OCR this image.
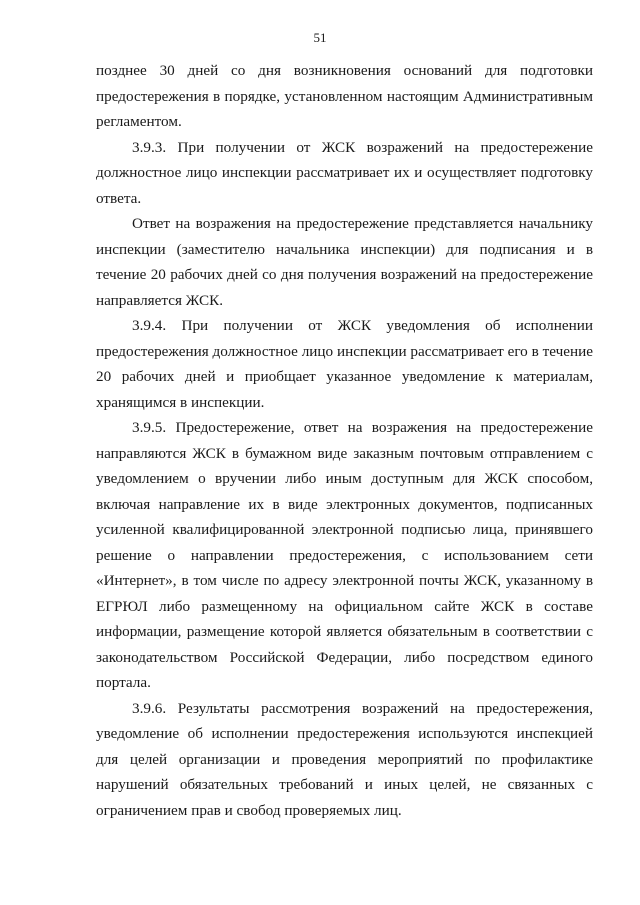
51

позднее 30 дней со дня возникновения оснований для подготовки предостережения в порядке, установленном настоящим Административным регламентом.

3.9.3. При получении от ЖСК возражений на предостережение должностное лицо инспекции рассматривает их и осуществляет подготовку ответа.

Ответ на возражения на предостережение представляется начальнику инспекции (заместителю начальника инспекции) для подписания и в течение 20 рабочих дней со дня получения возражений на предостережение направляется ЖСК.

3.9.4. При получении от ЖСК уведомления об исполнении предостережения должностное лицо инспекции рассматривает его в течение 20 рабочих дней и приобщает указанное уведомление к материалам, хранящимся в инспекции.

3.9.5. Предостережение, ответ на возражения на предостережение направляются ЖСК в бумажном виде заказным почтовым отправлением с уведомлением о вручении либо иным доступным для ЖСК способом, включая направление их в виде электронных документов, подписанных усиленной квалифицированной электронной подписью лица, принявшего решение о направлении предостережения, с использованием сети «Интернет», в том числе по адресу электронной почты ЖСК, указанному в ЕГРЮЛ либо размещенному на официальном сайте ЖСК в составе информации, размещение которой является обязательным в соответствии с законодательством Российской Федерации, либо посредством единого портала.

3.9.6. Результаты рассмотрения возражений на предостережения, уведомление об исполнении предостережения используются инспекцией для целей организации и проведения мероприятий по профилактике нарушений обязательных требований и иных целей, не связанных с ограничением прав и свобод проверяемых лиц.
